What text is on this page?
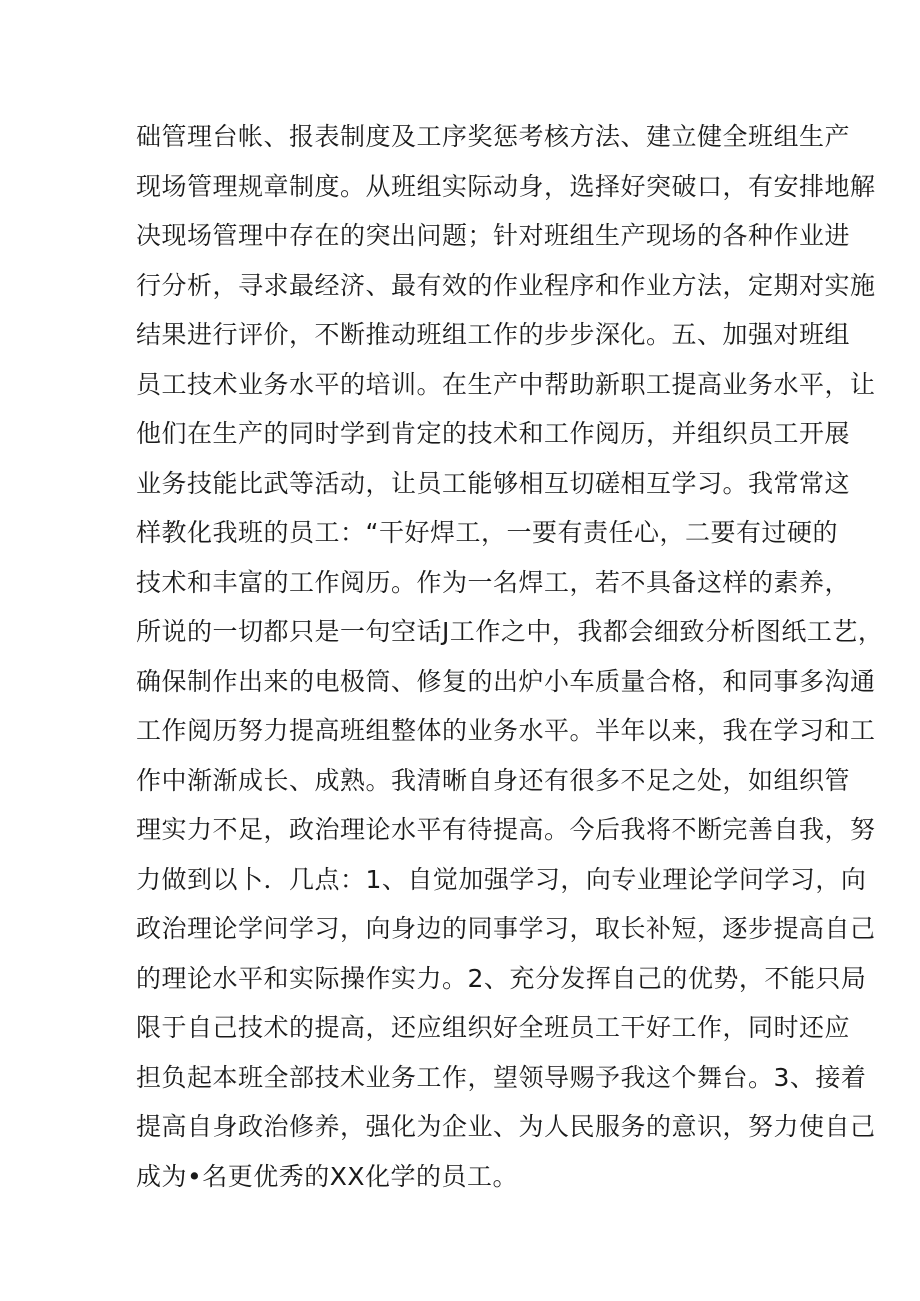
础管理台帐、报表制度及工序奖惩考核方法、建立健全班组生产
现场管理规章制度。从班组实际动身，选择好突破口，有安排地解
决现场管理中存在的突出问题；针对班组生产现场的各种作业进
行分析，寻求最经济、最有效的作业程序和作业方法，定期对实施
结果进行评价，不断推动班组工作的步步深化。五、加强对班组
员工技术业务水平的培训。在生产中帮助新职工提高业务水平，让
他们在生产的同时学到肯定的技术和工作阅历，并组织员工开展
业务技能比武等活动，让员工能够相互切磋相互学习。我常常这
样教化我班的员工：“干好焊工，一要有责任心，二要有过硬的
技术和丰富的工作阅历。作为一名焊工，若不具备这样的素养，
所说的一切都只是一句空话J工作之中，我都会细致分析图纸工艺，
确保制作出来的电极筒、修复的出炉小车质量合格，和同事多沟通
工作阅历努力提高班组整体的业务水平。半年以来，我在学习和工
作中渐渐成长、成熟。我清晰自身还有很多不足之处，如组织管
理实力不足，政治理论水平有待提高。今后我将不断完善自我，努
力做到以卜．几点：1、自觉加强学习，向专业理论学问学习，向
政治理论学问学习，向身边的同事学习，取长补短，逐步提高自己
的理论水平和实际操作实力。2、充分发挥自己的优势，不能只局
限于自己技术的提高，还应组织好全班员工干好工作，同时还应
担负起本班全部技术业务工作，望领导赐予我这个舞台。3、接着
提高自身政治修养，强化为企业、为人民服务的意识，努力使自己
成为•名更优秀的XX化学的员工。
